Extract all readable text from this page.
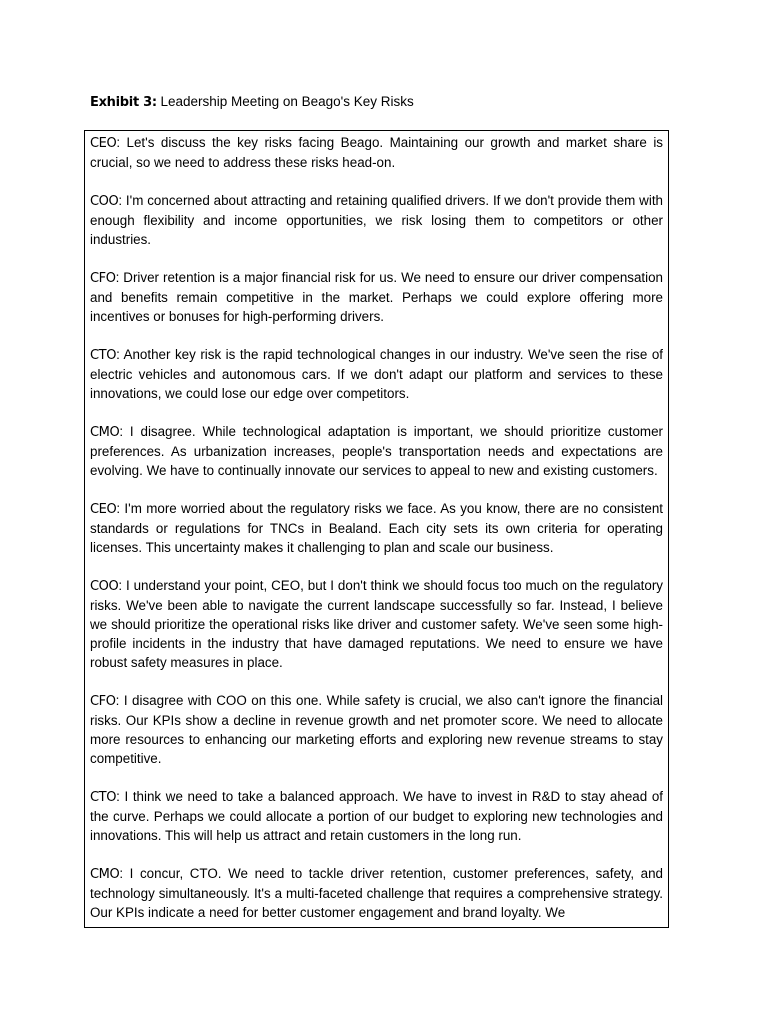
Exhibit 3: Leadership Meeting on Beago's Key Risks

CEO: Let's discuss the key risks facing Beago. Maintaining our growth and market share is crucial, so we need to address these risks head-on.

COO: I'm concerned about attracting and retaining qualified drivers. If we don't provide them with enough flexibility and income opportunities, we risk losing them to competitors or other industries.

CFO: Driver retention is a major financial risk for us. We need to ensure our driver compensation and benefits remain competitive in the market. Perhaps we could explore offering more incentives or bonuses for high-performing drivers.

CTO: Another key risk is the rapid technological changes in our industry. We've seen the rise of electric vehicles and autonomous cars. If we don't adapt our platform and services to these innovations, we could lose our edge over competitors.

CMO: I disagree. While technological adaptation is important, we should prioritize customer preferences. As urbanization increases, people's transportation needs and expectations are evolving. We have to continually innovate our services to appeal to new and existing customers.

CEO: I'm more worried about the regulatory risks we face. As you know, there are no consistent standards or regulations for TNCs in Bealand. Each city sets its own criteria for operating licenses. This uncertainty makes it challenging to plan and scale our business.

COO: I understand your point, CEO, but I don't think we should focus too much on the regulatory risks. We've been able to navigate the current landscape successfully so far. Instead, I believe we should prioritize the operational risks like driver and customer safety. We've seen some high-profile incidents in the industry that have damaged reputations. We need to ensure we have robust safety measures in place.

CFO: I disagree with COO on this one. While safety is crucial, we also can't ignore the financial risks. Our KPIs show a decline in revenue growth and net promoter score. We need to allocate more resources to enhancing our marketing efforts and exploring new revenue streams to stay competitive.

CTO: I think we need to take a balanced approach. We have to invest in R&D to stay ahead of the curve. Perhaps we could allocate a portion of our budget to exploring new technologies and innovations. This will help us attract and retain customers in the long run.

CMO: I concur, CTO. We need to tackle driver retention, customer preferences, safety, and technology simultaneously. It's a multi-faceted challenge that requires a comprehensive strategy. Our KPIs indicate a need for better customer engagement and brand loyalty. We
